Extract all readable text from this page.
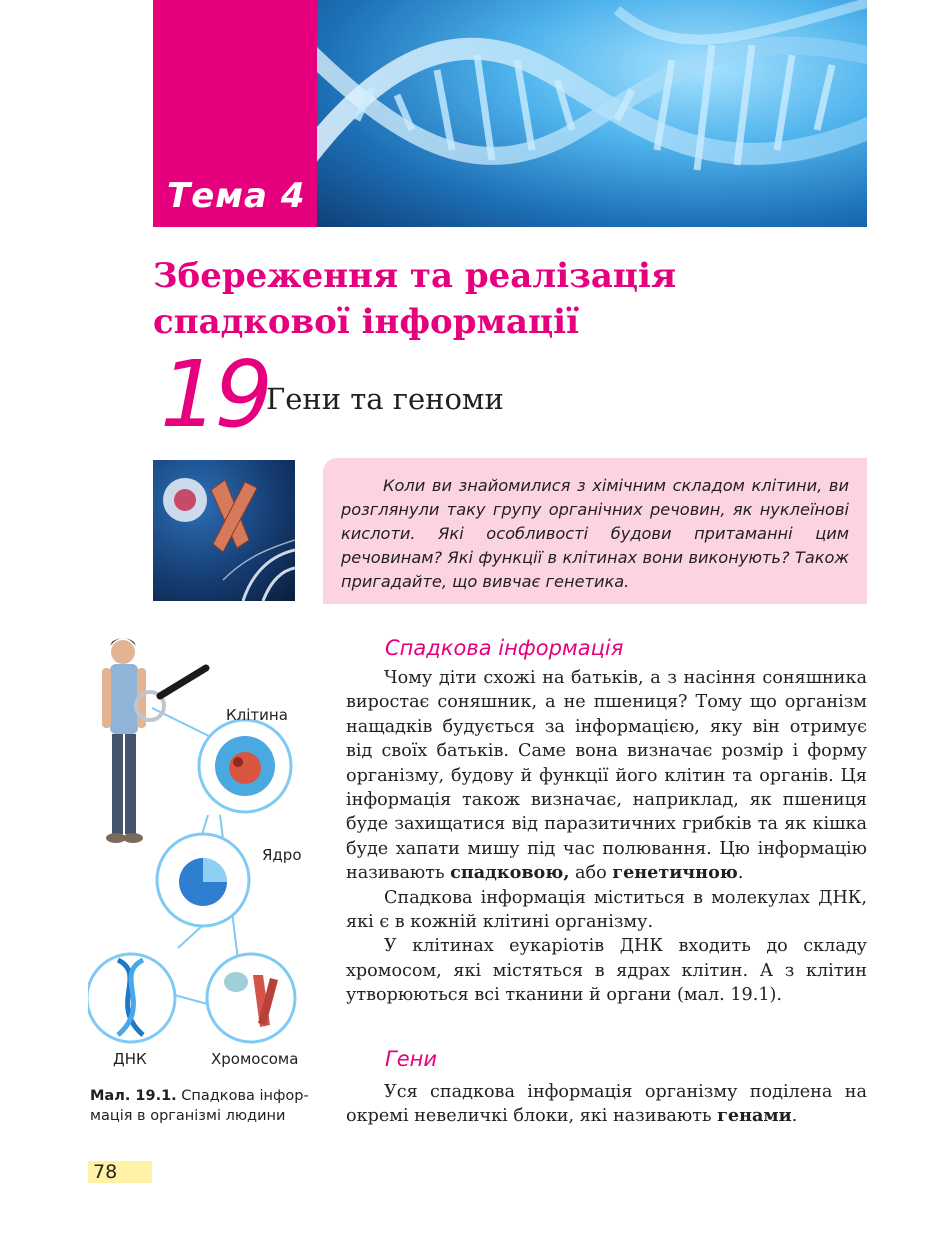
Тема 4
Збереження та реалізація
спадкової інформації
19
Гени та геноми

Коли ви знайомилися з хімічним складом клітини, ви розглянули таку групу органічних речовин, як нуклеїнові кислоти. Які особливості будови притаманні цим речовинам? Які функції в клітинах вони виконують? Також пригадайте, що вивчає генетика.

Клітина
Ядро
ДНК	Хромосома
Мал. 19.1. Спадкова інфор-
мація в організмі людини
Спадкова інформація

Чому діти схожі на батьків, а з насіння соняшника виростає соняшник, а не пшениця? Тому що організм нащадків будується за інформацією, яку він отримує від своїх батьків. Саме вона визначає розмір і форму організму, будову й функції його клітин та органів. Ця інформація також визначає, наприклад, як пшениця буде захищатися від паразитичних грибків та як кішка буде хапати мишу під час полювання. Цю інформацію називають спадковою, або генетичною.

Спадкова інформація міститься в молекулах ДНК, які є в кожній клітині організму.

У клітинах еукаріотів ДНК входить до складу хромосом, які містяться в ядрах клітин. А з клітин утворюються всі тканини й органи (мал. 19.1).

Гени

Уся спадкова інформація організму поділена на окремі невеличкі блоки, які називають генами.

78
